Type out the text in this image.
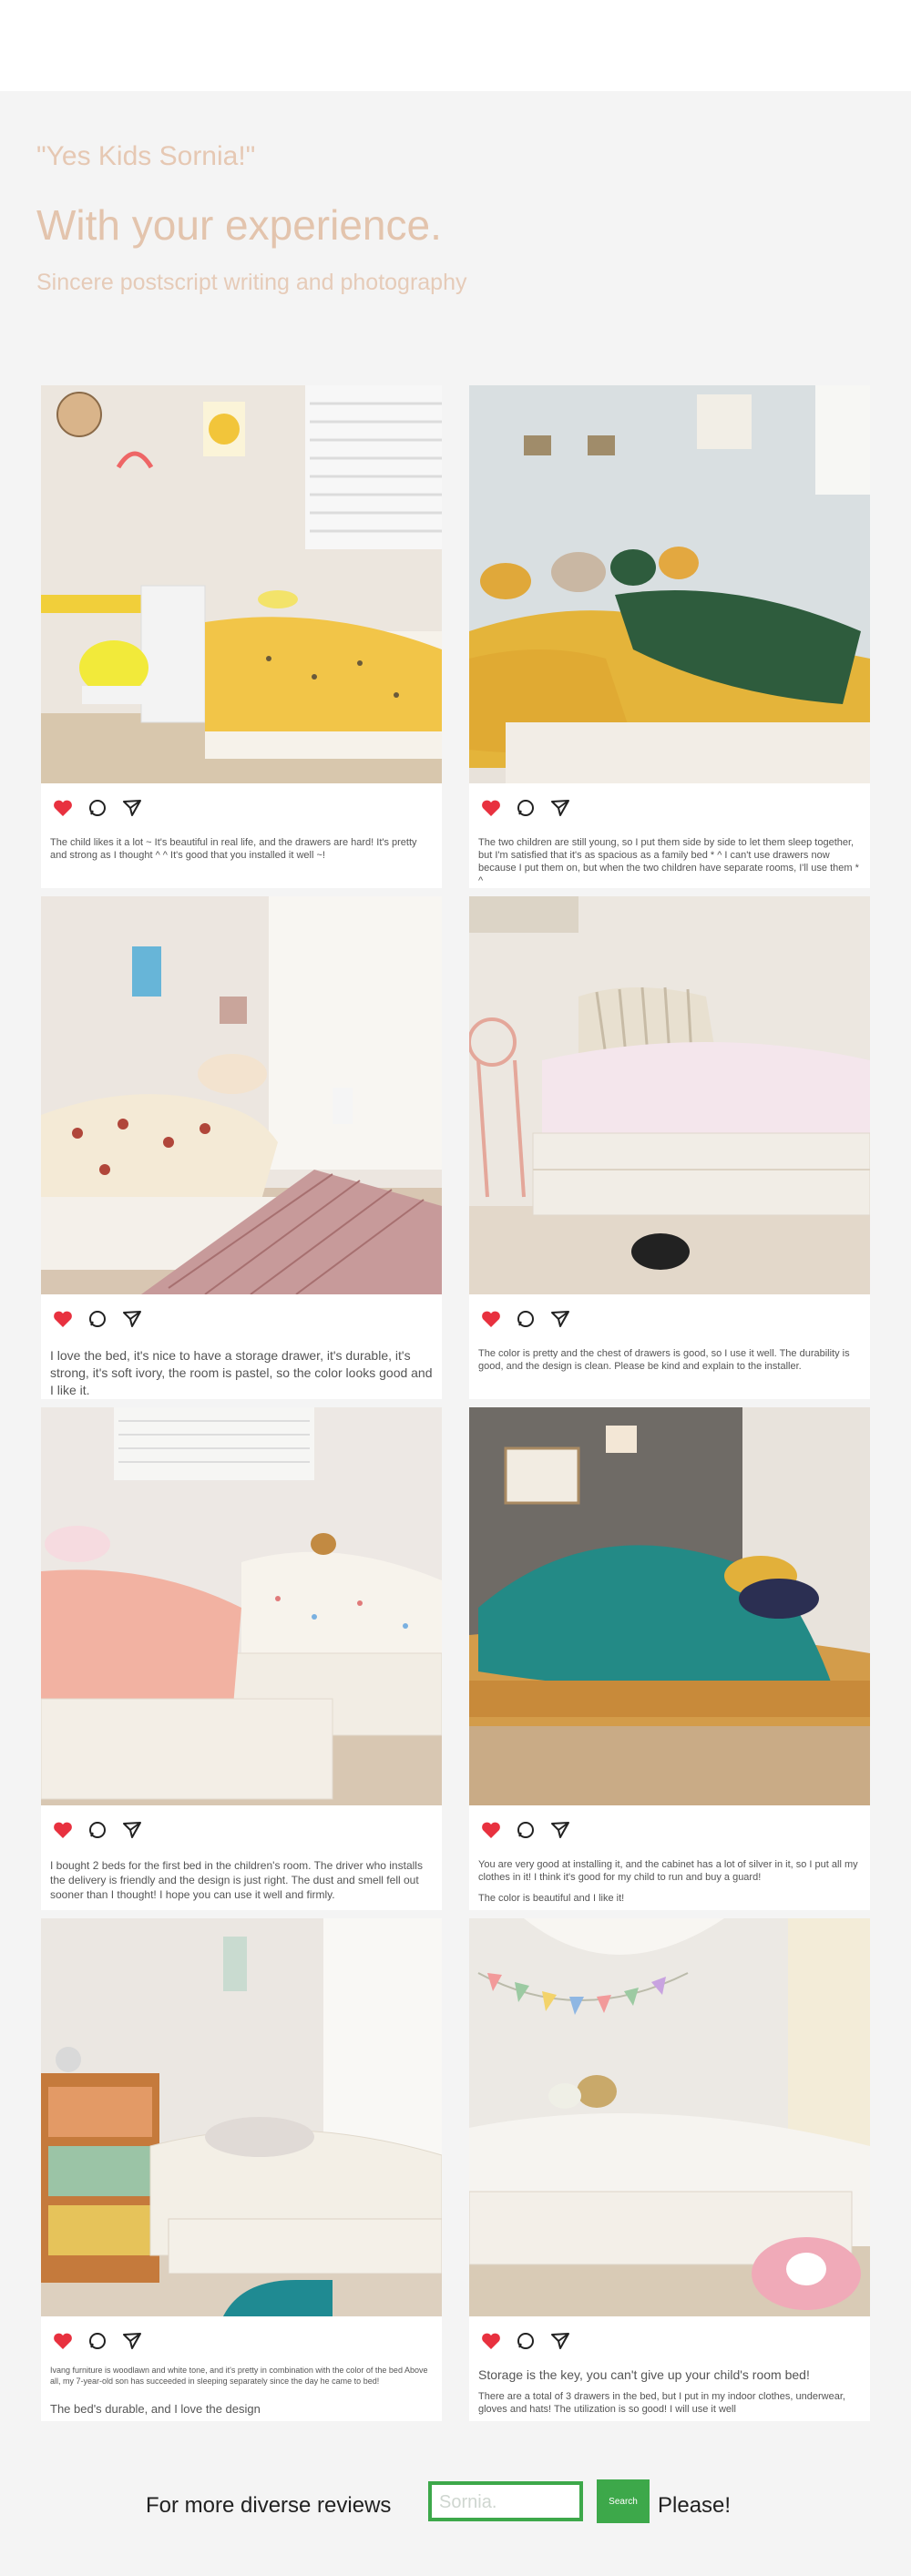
"Yes Kids Sornia!"
With your experience.
Sincere postscript writing and photography
The child likes it a lot ~ It's beautiful in real life, and the drawers are hard! It's pretty and strong as I thought ^ ^ It's good that you installed it well ~!
The two children are still young, so I put them side by side to let them sleep together, but I'm satisfied that it's as spacious as a family bed * ^ I can't use drawers now because I put them on, but when the two children have separate rooms, I'll use them * ^
I love the bed, it's nice to have a storage drawer, it's durable, it's strong, it's soft ivory, the room is pastel, so the color looks good and I like it.
The color is pretty and the chest of drawers is good, so I use it well. The durability is good, and the design is clean. Please be kind and explain to the installer.
I bought 2 beds for the first bed in the children's room. The driver who installs the delivery is friendly and the design is just right. The dust and smell fell out sooner than I thought! I hope you can use it well and firmly.
You are very good at installing it, and the cabinet has a lot of silver in it, so I put all my clothes in it! I think it's good for my child to run and buy a guard!
The color is beautiful and I like it!
Ivang furniture is woodlawn and white tone, and it's pretty in combination with the color of the bed Above all, my 7-year-old son has succeeded in sleeping separately since the day he came to bed!
The bed's durable, and I love the design
Storage is the key, you can't give up your child's room bed!
There are a total of 3 drawers in the bed, but I put in my indoor clothes, underwear, gloves and hats! The utilization is so good! I will use it well
For more diverse reviews
Sornia.	Search Please!
